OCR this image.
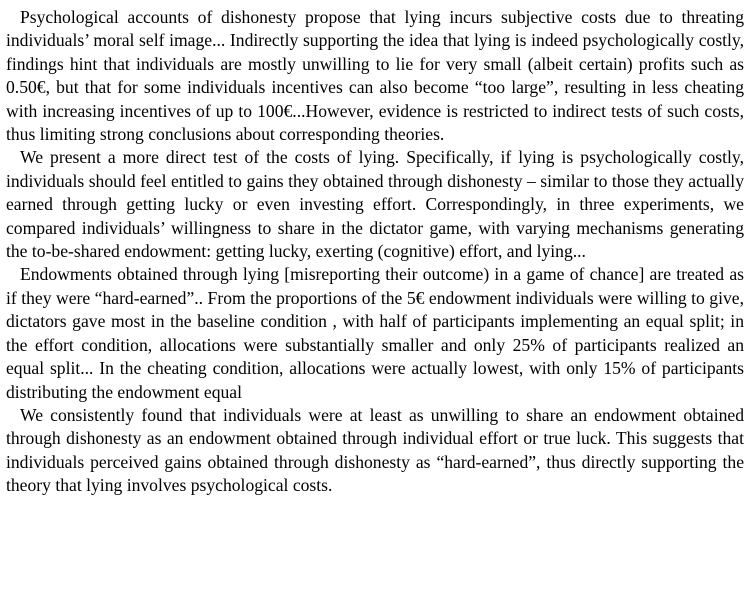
Psychological accounts of dishonesty propose that lying incurs subjective costs due to threating individuals’ moral self image... Indirectly supporting the idea that lying is indeed psychologically costly, findings hint that individuals are mostly unwilling to lie for very small (albeit certain) profits such as 0.50€, but that for some individuals incentives can also become “too large”, resulting in less cheating with increasing incentives of up to 100€...However, evidence is restricted to indirect tests of such costs, thus limiting strong conclusions about corresponding theories.

We present a more direct test of the costs of lying. Specifically, if lying is psychologically costly, individuals should feel entitled to gains they obtained through dishonesty – similar to those they actually earned through getting lucky or even investing effort. Correspondingly, in three experiments, we compared individuals’ willingness to share in the dictator game, with varying mechanisms generating the to-be-shared endowment: getting lucky, exerting (cognitive) effort, and lying...

Endowments obtained through lying [misreporting their outcome) in a game of chance] are treated as if they were “hard-earned”.. From the proportions of the 5€ endowment individuals were willing to give, dictators gave most in the baseline condition , with half of participants implementing an equal split; in the effort condition, allocations were substantially smaller and only 25% of participants realized an equal split... In the cheating condition, allocations were actually lowest, with only 15% of participants distributing the endowment equal

We consistently found that individuals were at least as unwilling to share an endowment obtained through dishonesty as an endowment obtained through individual effort or true luck. This suggests that individuals perceived gains obtained through dishonesty as “hard-earned”, thus directly supporting the theory that lying involves psychological costs.
